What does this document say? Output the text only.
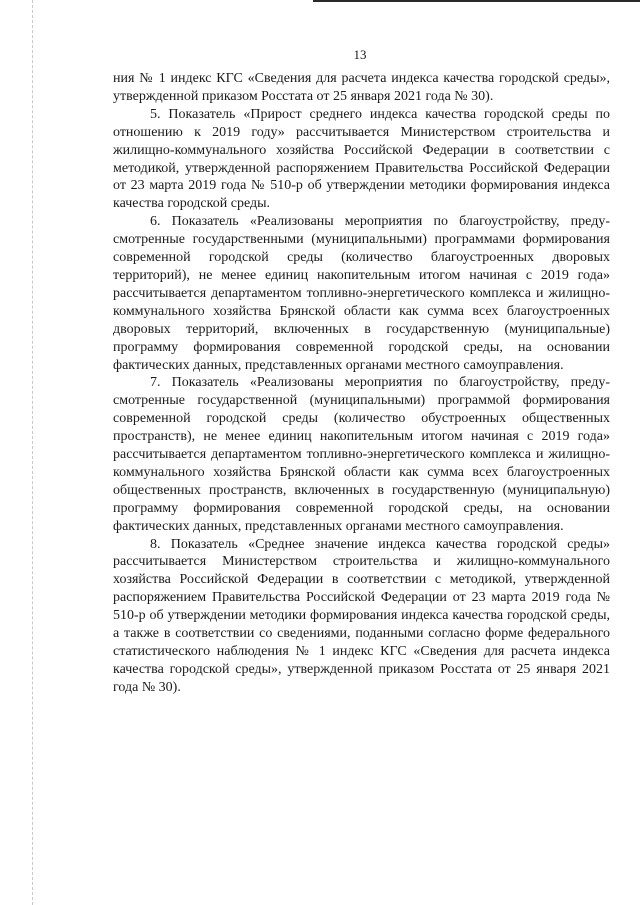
13

ния № 1 индекс КГС «Сведения для расчета индекса качества городской среды», утвержденной приказом Росстата от 25 января 2021 года № 30).

5. Показатель «Прирост среднего индекса качества городской среды по отношению к 2019 году» рассчитывается Министерством строительства и жилищно-коммунального хозяйства Российской Федерации в соответствии с методикой, утвержденной распоряжением Правительства Российской Федерации от 23 марта 2019 года № 510-р об утверждении методики формирования индекса качества городской среды.

6. Показатель «Реализованы мероприятия по благоустройству, предусмотренные государственными (муниципальными) программами формирования современной городской среды (количество благоустроенных дворовых территорий), не менее единиц накопительным итогом начиная с 2019 года» рассчитывается департаментом топливно-энергетического комплекса и жилищно-коммунального хозяйства Брянской области как сумма всех благоустроенных дворовых территорий, включенных в государственную (муниципальные) программу формирования современной городской среды, на основании фактических данных, представленных органами местного самоуправления.

7. Показатель «Реализованы мероприятия по благоустройству, предусмотренные государственной (муниципальными) программой формирования современной городской среды (количество обустроенных общественных пространств), не менее единиц накопительным итогом начиная с 2019 года» рассчитывается департаментом топливно-энергетического комплекса и жилищно-коммунального хозяйства Брянской области как сумма всех благоустроенных общественных пространств, включенных в государственную (муниципальную) программу формирования современной городской среды, на основании фактических данных, представленных органами местного самоуправления.

8. Показатель «Среднее значение индекса качества городской среды» рассчитывается Министерством строительства и жилищно-коммунального хозяйства Российской Федерации в соответствии с методикой, утвержденной распоряжением Правительства Российской Федерации от 23 марта 2019 года № 510-р об утверждении методики формирования индекса качества городской среды, а также в соответствии со сведениями, поданными согласно форме федерального статистического наблюдения № 1 индекс КГС «Сведения для расчета индекса качества городской среды», утвержденной приказом Росстата от 25 января 2021 года № 30).
